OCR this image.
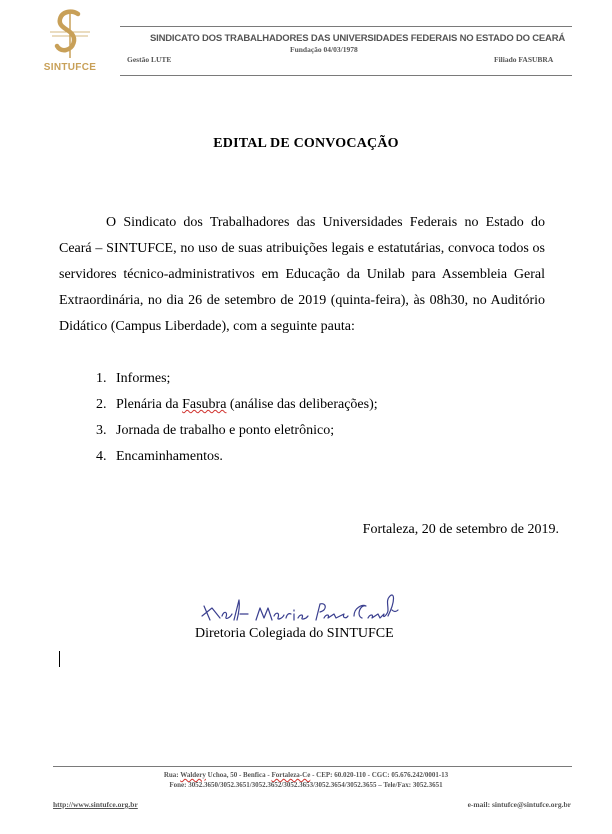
SINTUFCE
SINDICATO DOS TRABALHADORES DAS UNIVERSIDADES FEDERAIS NO ESTADO DO CEARÁ
Fundação 04/03/1978
Gestão LUTE	Filiado FASUBRA
EDITAL DE CONVOCAÇÃO

O Sindicato dos Trabalhadores das Universidades Federais no Estado do Ceará – SINTUFCE, no uso de suas atribuições legais e estatutárias, convoca todos os servidores técnico-administrativos em Educação da Unilab para Assembleia Geral Extraordinária, no dia 26 de setembro de 2019 (quinta-feira), às 08h30, no Auditório Didático (Campus Liberdade), com a seguinte pauta:

1. Informes;
2. Plenária da Fasubra (análise das deliberações);
3. Jornada de trabalho e ponto eletrônico;
4. Encaminhamentos.
Fortaleza, 20 de setembro de 2019.
Diretoria Colegiada do SINTUFCE
Rua: Waldery Uchoa, 50 - Benfica - Fortaleza-Ce - CEP: 60.020-110 - CGC: 05.676.242/0001-13
Fone: 3052.3650/3052.3651/3052.3652/3052.3653/3052.3654/3052.3655 – Tele/Fax: 3052.3651
http://www.sintufce.org.br	e-mail: sintufce@sintufce.org.br
